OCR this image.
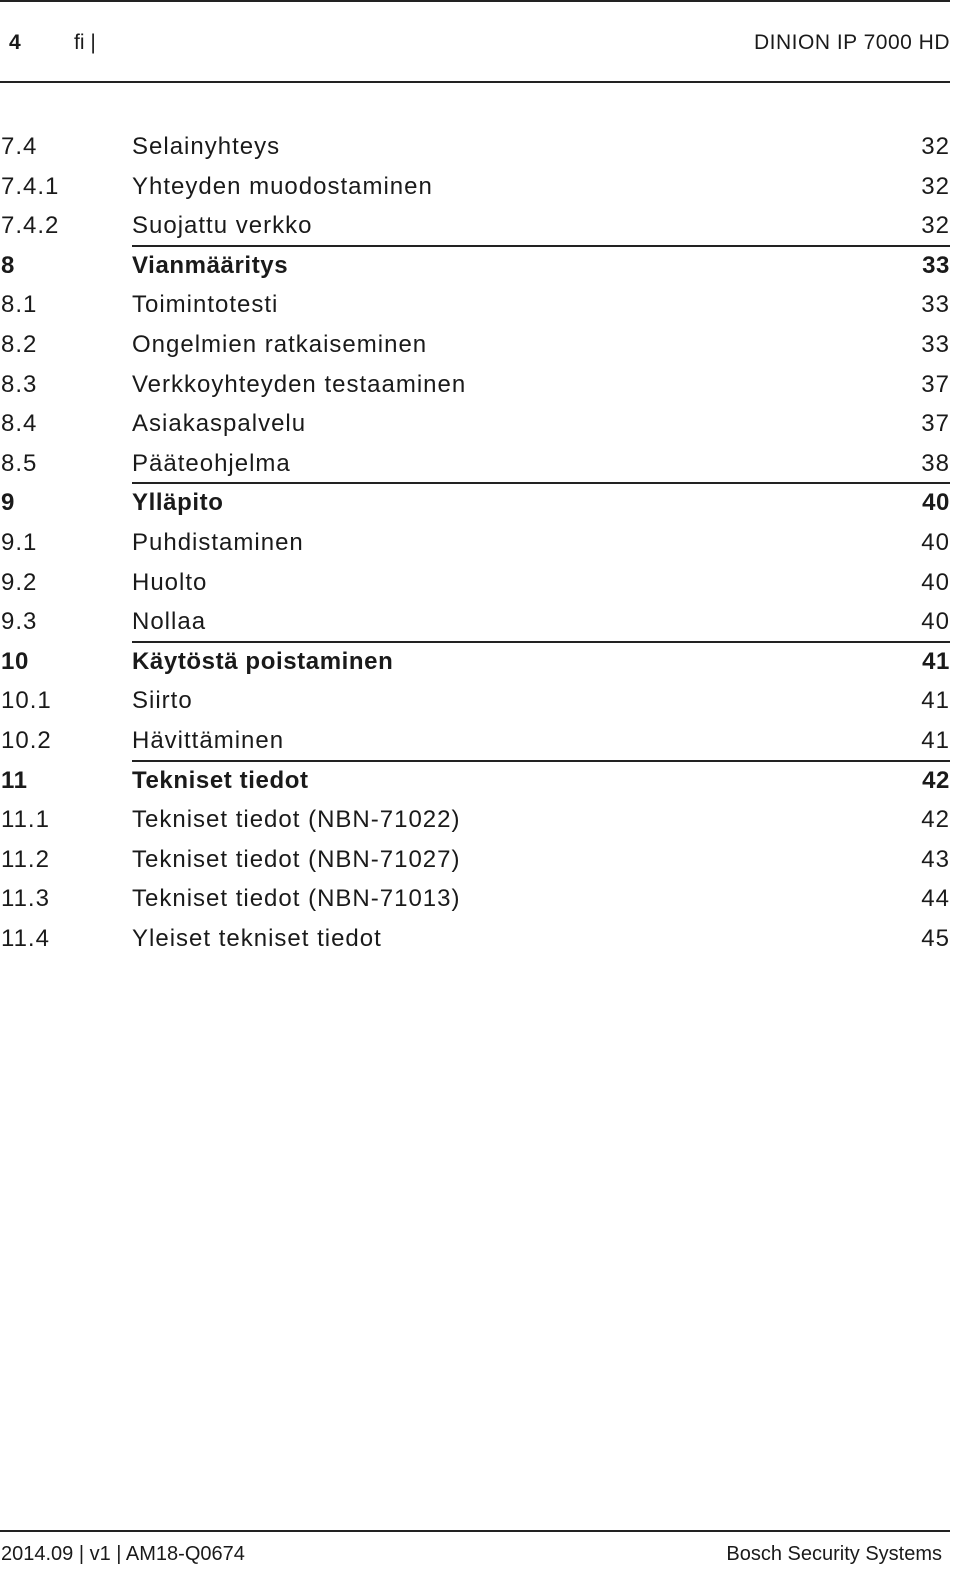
4	fi |	DINION IP 7000 HD
7.4	Selainyhteys	32
7.4.1	Yhteyden muodostaminen	32
7.4.2	Suojattu verkko	32
8	Vianmääritys	33
8.1	Toimintotesti	33
8.2	Ongelmien ratkaiseminen	33
8.3	Verkkoyhteyden testaaminen	37
8.4	Asiakaspalvelu	37
8.5	Pääteohjelma	38
9	Ylläpito	40
9.1	Puhdistaminen	40
9.2	Huolto	40
9.3	Nollaa	40
10	Käytöstä poistaminen	41
10.1	Siirto	41
10.2	Hävittäminen	41
11	Tekniset tiedot	42
11.1	Tekniset tiedot (NBN-71022)	42
11.2	Tekniset tiedot (NBN-71027)	43
11.3	Tekniset tiedot (NBN-71013)	44
11.4	Yleiset tekniset tiedot	45
2014.09 | v1 | AM18-Q0674	Bosch Security Systems
